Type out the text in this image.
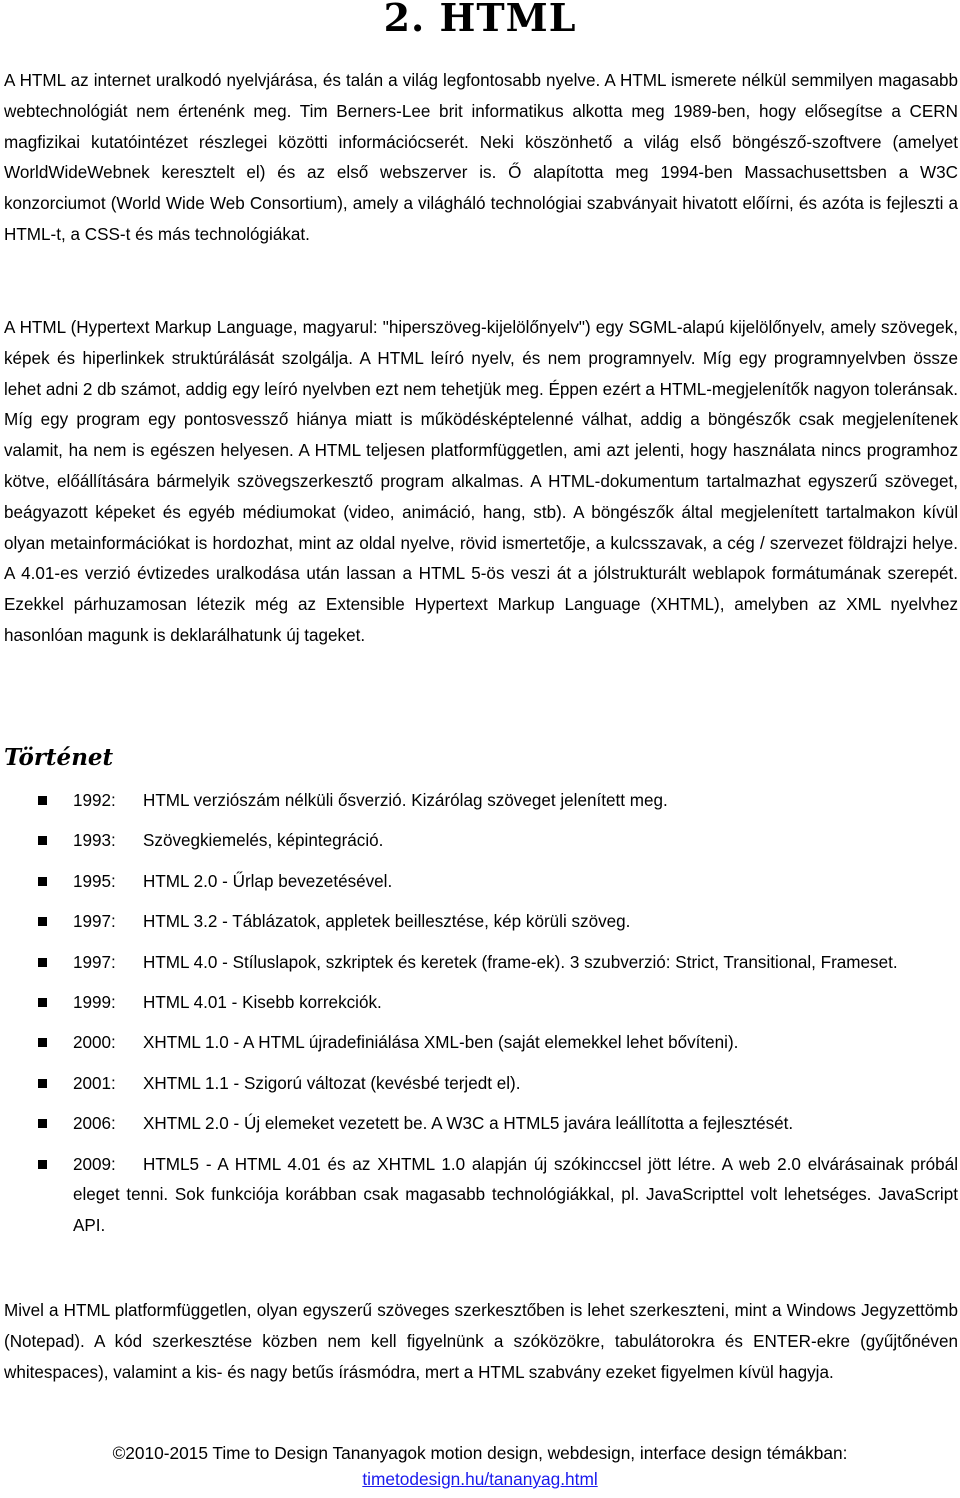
2. HTML

A HTML az internet uralkodó nyelvjárása, és talán a világ legfontosabb nyelve. A HTML ismerete nélkül semmilyen magasabb webtechnológiát nem értenénk meg. Tim Berners-Lee brit informatikus alkotta meg 1989-ben, hogy elősegítse a CERN magfizikai kutatóintézet részlegei közötti információcserét. Neki köszönhető a világ első böngésző-szoftvere (amelyet WorldWideWebnek keresztelt el) és az első webszerver is. Ő alapította meg 1994-ben Massachusettsben a W3C konzorciumot (World Wide Web Consortium), amely a világháló technológiai szabványait hivatott előírni, és azóta is fejleszti a HTML-t, a CSS-t és más technológiákat.

A HTML (Hypertext Markup Language, magyarul: "hiperszöveg-kijelölőnyelv") egy SGML-alapú kijelölőnyelv, amely szövegek, képek és hiperlinkek struktúrálását szolgálja. A HTML leíró nyelv, és nem programnyelv. Míg egy programnyelvben össze lehet adni 2 db számot, addig egy leíró nyelvben ezt nem tehetjük meg. Éppen ezért a HTML-megjelenítők nagyon toleránsak. Míg egy program egy pontosvessző hiánya miatt is működésképtelenné válhat, addig a böngészők csak megjelenítenek valamit, ha nem is egészen helyesen. A HTML teljesen platformfüggetlen, ami azt jelenti, hogy használata nincs programhoz kötve, előállítására bármelyik szövegszerkesztő program alkalmas. A HTML-dokumentum tartalmazhat egyszerű szöveget, beágyazott képeket és egyéb médiumokat (video, animáció, hang, stb). A böngészők által megjelenített tartalmakon kívül olyan metainformációkat is hordozhat, mint az oldal nyelve, rövid ismertetője, a kulcsszavak, a cég / szervezet földrajzi helye. A 4.01-es verzió évtizedes uralkodása után lassan a HTML 5-ös veszi át a jólstrukturált weblapok formátumának szerepét. Ezekkel párhuzamosan létezik még az Extensible Hypertext Markup Language (XHTML), amelyben az XML nyelvhez hasonlóan magunk is deklarálhatunk új tageket.

Történet
1992: HTML verziószám nélküli ősverzió. Kizárólag szöveget jelenített meg.
1993: Szövegkiemelés, képintegráció.
1995: HTML 2.0 - Űrlap bevezetésével.
1997: HTML 3.2 - Táblázatok, appletek beillesztése, kép körüli szöveg.
1997: HTML 4.0 - Stíluslapok, szkriptek és keretek (frame-ek). 3 szubverzió: Strict, Transitional, Frameset.
1999: HTML 4.01 - Kisebb korrekciók.
2000: XHTML 1.0 - A HTML újradefiniálása XML-ben (saját elemekkel lehet bővíteni).
2001: XHTML 1.1 - Szigorú változat (kevésbé terjedt el).
2006: XHTML 2.0 - Új elemeket vezetett be. A W3C a HTML5 javára leállította a fejlesztését.
2009: HTML5 - A HTML 4.01 és az XHTML 1.0 alapján új szókinccsel jött létre. A web 2.0 elvárásainak próbál eleget tenni. Sok funkciója korábban csak magasabb technológiákkal, pl. JavaScripttel volt lehetséges. JavaScript API.

Mivel a HTML platformfüggetlen, olyan egyszerű szöveges szerkesztőben is lehet szerkeszteni, mint a Windows Jegyzettömb (Notepad). A kód szerkesztése közben nem kell figyelnünk a szóközökre, tabulátorokra és ENTER-ekre (gyűjtőnéven whitespaces), valamint a kis- és nagy betűs írásmódra, mert a HTML szabvány ezeket figyelmen kívül hagyja.

©2010-2015 Time to Design Tananyagok motion design, webdesign, interface design témákban:
timetodesign.hu/tananyag.html
